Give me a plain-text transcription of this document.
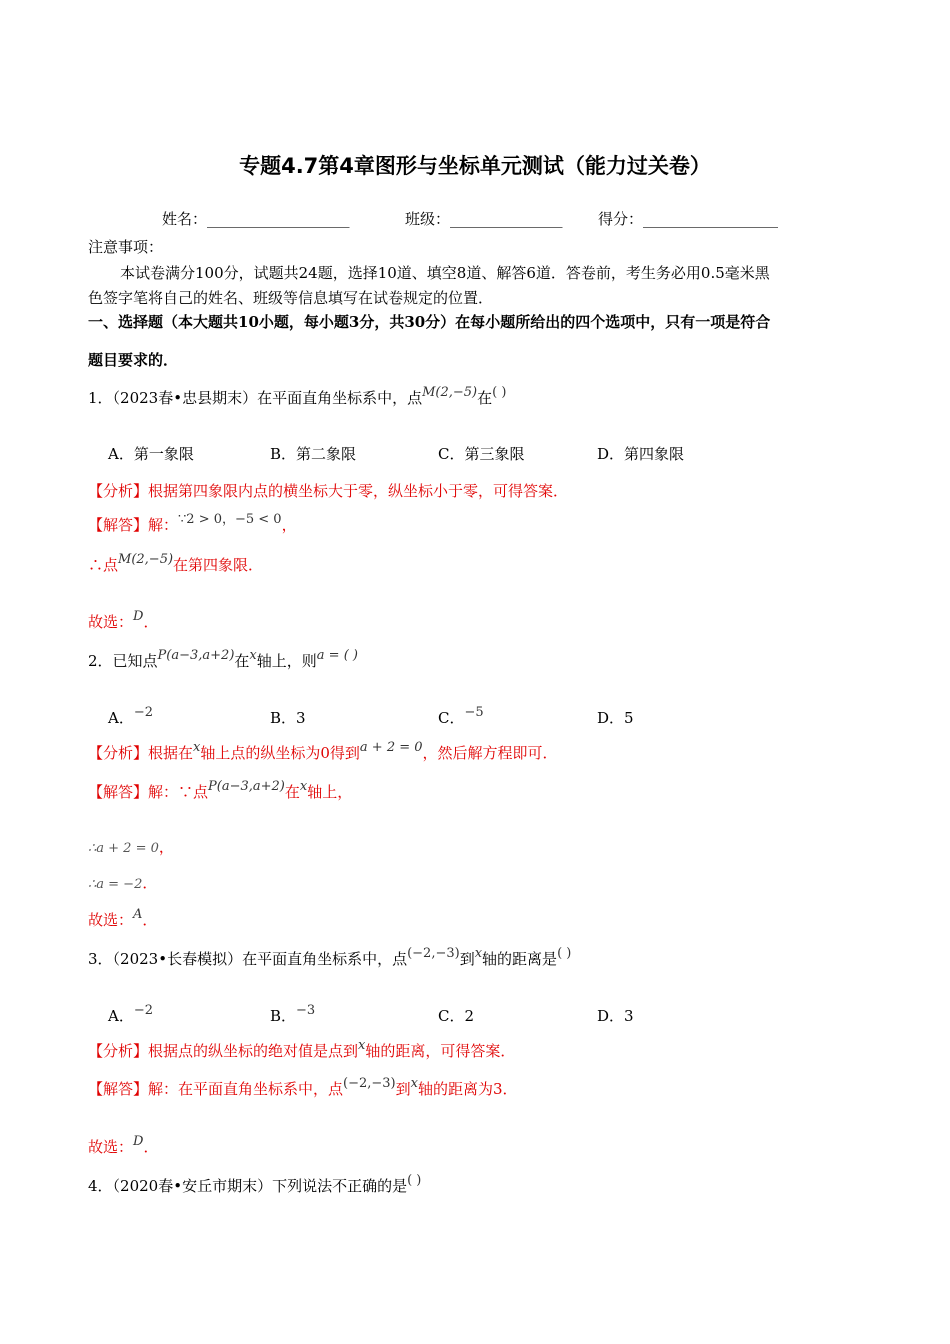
专题4.7第4章图形与坐标单元测试（能力过关卷）
姓名：___________________	班级：_______________ 得分：__________________
注意事项：
本试卷满分100分，试题共24题，选择10道、填空8道、解答6道．答卷前，考生务必用0.5毫米黑
色签字笔将自己的姓名、班级等信息填写在试卷规定的位置．
一、选择题（本大题共10小题，每小题3分，共30分）在每小题所给出的四个选项中，只有一项是符合
题目要求的．
1．（2023春•忠县期末）在平面直角坐标系中，点M(2,−5)在( )
A．第一象限	B．第二象限	C．第三象限	D．第四象限
【分析】根据第四象限内点的横坐标大于零，纵坐标小于零，可得答案．
【解答】解：∵2 > 0，−5 < 0，
∴点M(2,−5)在第四象限．
故选：D．
2．已知点P(a−3,a+2)在x轴上，则a = ( )
A．−2	B．3	C．−5	D．5
【分析】根据在x轴上点的纵坐标为0得到a + 2 = 0，然后解方程即可．
【解答】解：∵点P(a−3,a+2)在x轴上，
∴a + 2 = 0，
∴a = −2．
故选：A．
3．（2023•长春模拟）在平面直角坐标系中，点(−2,−3)到x轴的距离是( )
A．−2	B．−3	C．2	D．3
【分析】根据点的纵坐标的绝对值是点到x轴的距离，可得答案．
【解答】解：在平面直角坐标系中，点(−2,−3)到x轴的距离为3．
故选：D．
4．（2020春•安丘市期末）下列说法不正确的是( )
